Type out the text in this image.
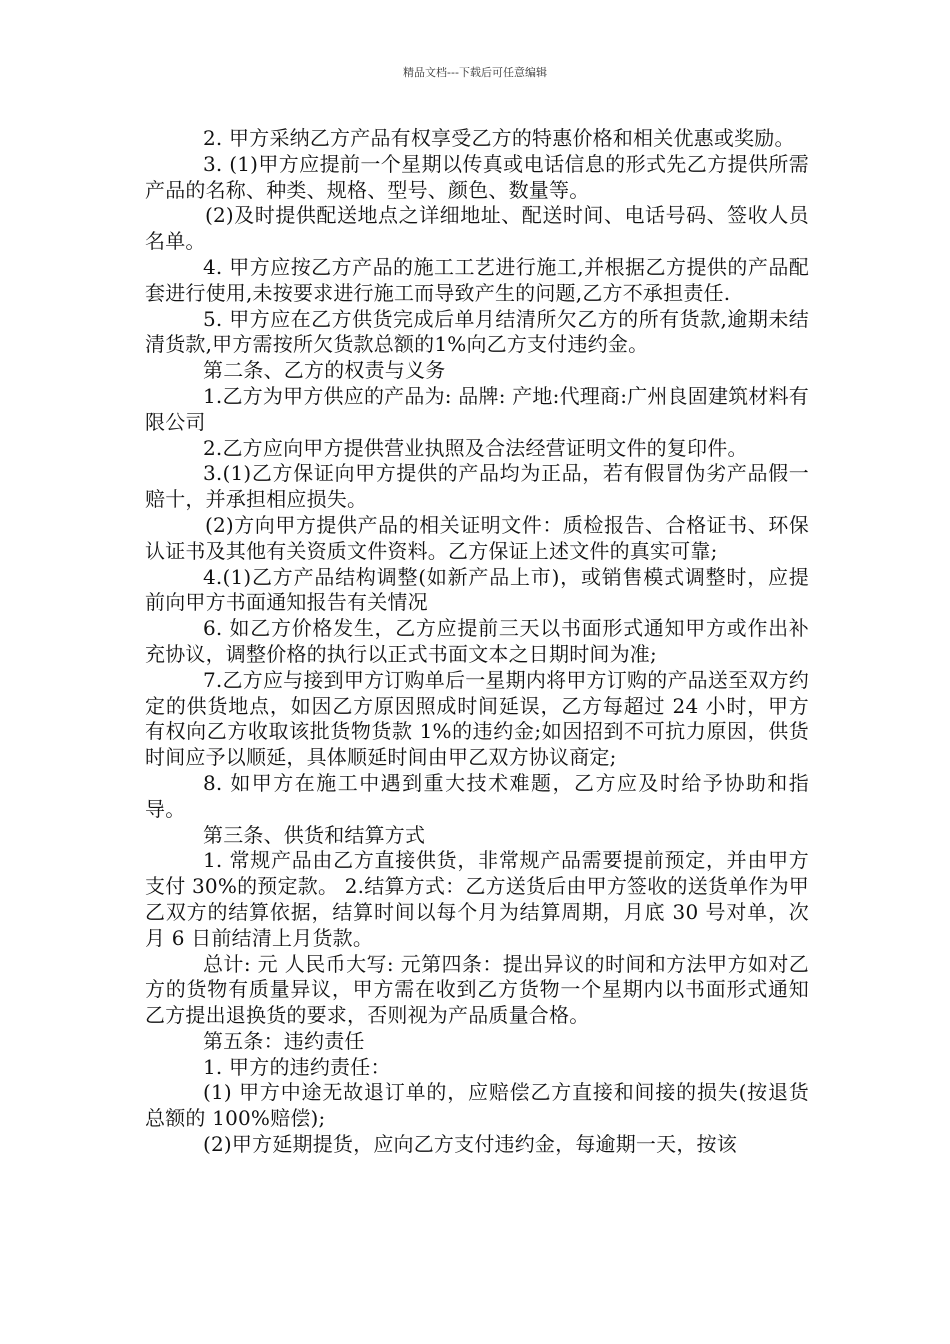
精品文档---下载后可任意编辑

2. 甲方采纳乙方产品有权享受乙方的特惠价格和相关优惠或奖励。

3. (1)甲方应提前一个星期以传真或电话信息的形式先乙方提供所需产品的名称、种类、规格、型号、颜色、数量等。

(2)及时提供配送地点之详细地址、配送时间、电话号码、签收人员名单。

4. 甲方应按乙方产品的施工工艺进行施工,并根据乙方提供的产品配套进行使用,未按要求进行施工而导致产生的问题,乙方不承担责任.

5. 甲方应在乙方供货完成后单月结清所欠乙方的所有货款,逾期未结清货款,甲方需按所欠货款总额的1%向乙方支付违约金。

第二条、乙方的权责与义务

1.乙方为甲方供应的产品为: 品牌: 产地:代理商:广州良固建筑材料有限公司

2.乙方应向甲方提供营业执照及合法经营证明文件的复印件。

3.(1)乙方保证向甲方提供的产品均为正品，若有假冒伪劣产品假一赔十，并承担相应损失。

(2)方向甲方提供产品的相关证明文件：质检报告、合格证书、环保认证书及其他有关资质文件资料。乙方保证上述文件的真实可靠;

4.(1)乙方产品结构调整(如新产品上市)，或销售模式调整时，应提前向甲方书面通知报告有关情况

6. 如乙方价格发生，乙方应提前三天以书面形式通知甲方或作出补充协议，调整价格的执行以正式书面文本之日期时间为准;

7.乙方应与接到甲方订购单后一星期内将甲方订购的产品送至双方约定的供货地点，如因乙方原因照成时间延误，乙方每超过 24 小时，甲方有权向乙方收取该批货物货款 1%的违约金;如因招到不可抗力原因，供货时间应予以顺延，具体顺延时间由甲乙双方协议商定;

8. 如甲方在施工中遇到重大技术难题，乙方应及时给予协助和指导。

第三条、供货和结算方式

1. 常规产品由乙方直接供货，非常规产品需要提前预定，并由甲方支付 30%的预定款。 2.结算方式：乙方送货后由甲方签收的送货单作为甲乙双方的结算依据，结算时间以每个月为结算周期，月底 30 号对单，次月 6 日前结清上月货款。

总计: 元 人民币大写: 元第四条：提出异议的时间和方法甲方如对乙方的货物有质量异议，甲方需在收到乙方货物一个星期内以书面形式通知乙方提出退换货的要求，否则视为产品质量合格。

第五条：违约责任

1. 甲方的违约责任：

(1) 甲方中途无故退订单的，应赔偿乙方直接和间接的损失(按退货总额的 100%赔偿);

(2)甲方延期提货，应向乙方支付违约金，每逾期一天，按该
